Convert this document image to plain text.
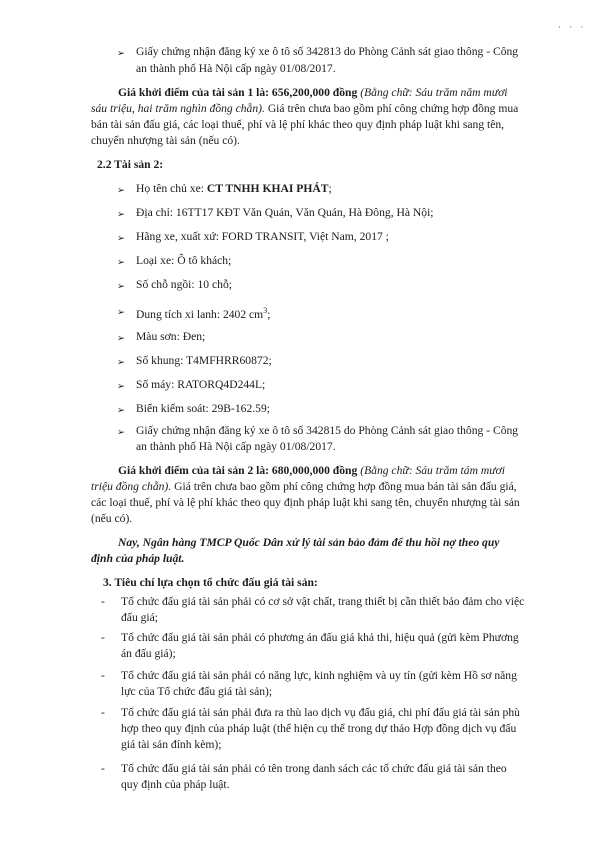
· · ·
➢ Giấy chứng nhận đăng ký xe ô tô số 342813 do Phòng Cảnh sát giao thông - Công
an thành phố Hà Nội cấp ngày 01/08/2017.
Giá khởi điểm của tài sản 1 là: 656,200,000 đồng (Bằng chữ: Sáu trăm năm mươi
sáu triệu, hai trăm nghìn đồng chẵn). Giá trên chưa bao gồm phí công chứng hợp đồng mua
bán tài sản đấu giá, các loại thuế, phí và lệ phí khác theo quy định pháp luật khi sang tên,
chuyển nhượng tài sản (nếu có).
2.2 Tài sản 2:
➢ Họ tên chủ xe: CT TNHH KHAI PHÁT;
➢ Địa chỉ: 16TT17 KĐT Văn Quán, Văn Quán, Hà Đông, Hà Nội;
➢ Hãng xe, xuất xứ: FORD TRANSIT, Việt Nam, 2017 ;
➢ Loại xe: Ô tô khách;
➢ Số chỗ ngồi: 10 chỗ;
➢ Dung tích xi lanh: 2402 $cm^3$;
➢ Màu sơn: Đen;
➢ Số khung: T4MFHRR60872;
➢ Số máy: RATORQ4D244L;
➢ Biển kiểm soát: 29B-162.59;
➢ Giấy chứng nhận đăng ký xe ô tô số 342815 do Phòng Cảnh sát giao thông - Công
an thành phố Hà Nội cấp ngày 01/08/2017.
Giá khởi điểm của tài sản 2 là: 680,000,000 đồng (Bằng chữ: Sáu trăm tám mươi
triệu đồng chẵn). Giá trên chưa bao gồm phí công chứng hợp đồng mua bán tài sản đấu giá,
các loại thuế, phí và lệ phí khác theo quy định pháp luật khi sang tên, chuyển nhượng tài sản
(nếu có).
Nay, Ngân hàng TMCP Quốc Dân xử lý tài sản bảo đảm để thu hồi nợ theo quy
định của pháp luật.
3. Tiêu chí lựa chọn tổ chức đấu giá tài sản:
- Tổ chức đấu giá tài sản phải có cơ sở vật chất, trang thiết bị cần thiết bảo đảm cho việc
đấu giá;
- Tổ chức đấu giá tài sản phải có phương án đấu giá khả thi, hiệu quả (gửi kèm Phương
án đấu giá);
- Tổ chức đấu giá tài sản phải có năng lực, kinh nghiệm và uy tín (gửi kèm Hồ sơ năng
lực của Tổ chức đấu giá tài sản);
- Tổ chức đấu giá tài sản phải đưa ra thù lao dịch vụ đấu giá, chi phí đấu giá tài sản phù
hợp theo quy định của pháp luật (thể hiện cụ thể trong dự thảo Hợp đồng dịch vụ đấu
giá tài sản đính kèm);
- Tổ chức đấu giá tài sản phải có tên trong danh sách các tổ chức đấu giá tài sản theo
quy định của pháp luật.
